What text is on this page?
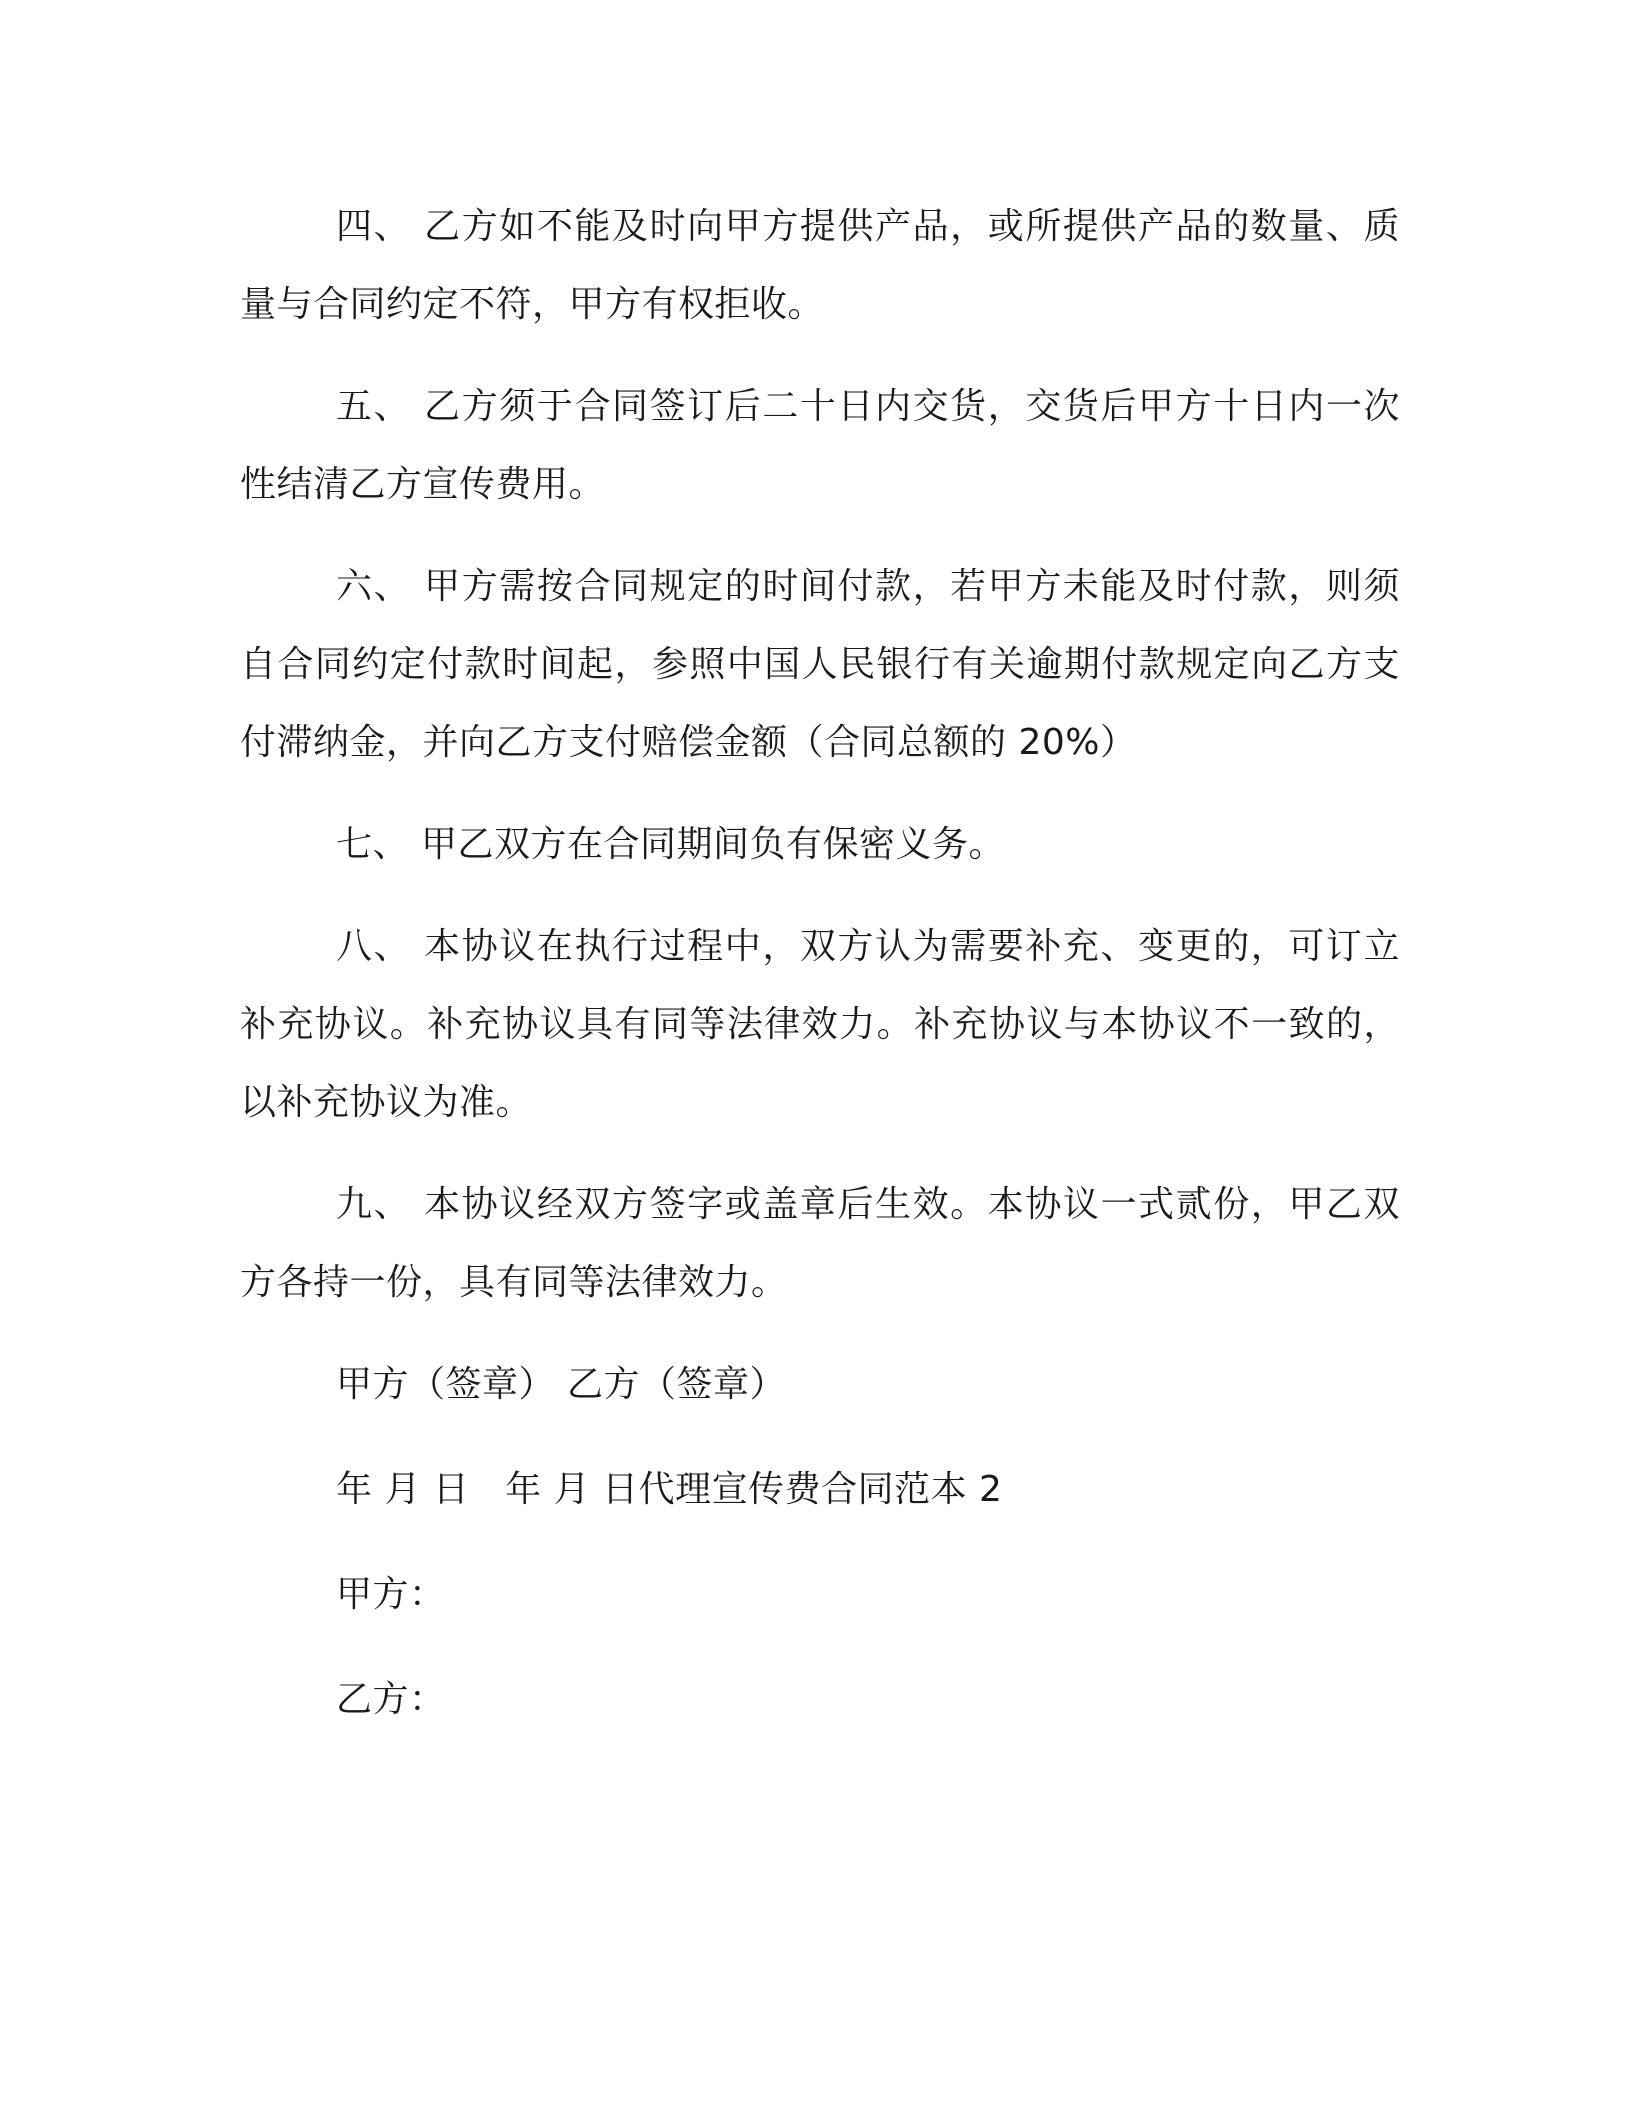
四、 乙方如不能及时向甲方提供产品，或所提供产品的数量、质量与合同约定不符，甲方有权拒收。

五、 乙方须于合同签订后二十日内交货，交货后甲方十日内一次性结清乙方宣传费用。

六、 甲方需按合同规定的时间付款，若甲方未能及时付款，则须自合同约定付款时间起，参照中国人民银行有关逾期付款规定向乙方支付滞纳金，并向乙方支付赔偿金额（合同总额的 20%）

七、 甲乙双方在合同期间负有保密义务。

八、 本协议在执行过程中，双方认为需要补充、变更的，可订立补充协议。补充协议具有同等法律效力。补充协议与本协议不一致的，以补充协议为准。

九、 本协议经双方签字或盖章后生效。本协议一式贰份，甲乙双方各持一份，具有同等法律效力。

甲方（签章） 乙方（签章）

年 月 日   年 月 日代理宣传费合同范本 2

甲方：

乙方：
